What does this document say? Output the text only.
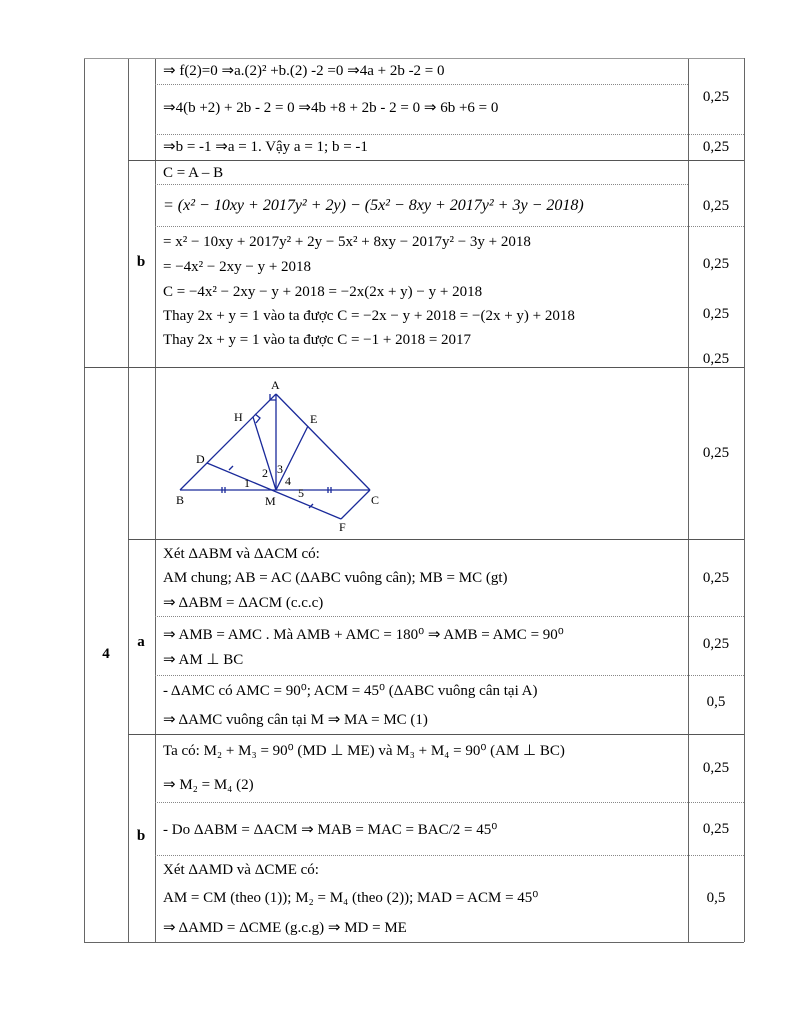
b
4
a
b
0,25
0,25
0,25
0,25
0,25
0,25
0,25
0,25
0,25
0,5
0,25
0,25
0,5
⇒ f(2)=0 ⇒a.(2)² +b.(2) -2 =0 ⇒4a + 2b -2 = 0
⇒4(b +2) + 2b - 2 = 0 ⇒4b +8 + 2b - 2 = 0 ⇒ 6b +6 = 0
⇒b = -1 ⇒a = 1. Vậy a = 1; b = -1
C = A – B
= (x² − 10xy + 2017y² + 2y) − (5x² − 8xy + 2017y² + 3y − 2018)
= x² − 10xy + 2017y² + 2y − 5x² + 8xy − 2017y² − 3y + 2018
= −4x² − 2xy − y + 2018
C = −4x² − 2xy − y + 2018 = −2x(2x + y) − y + 2018
Thay 2x + y = 1 vào ta được C = −2x − y + 2018 = −(2x + y) + 2018
Thay 2x + y = 1 vào ta được C = −1 + 2018 = 2017
A
B	C
D
E
F
H
M
1
2 3
4
5
Xét ΔABM và ΔACM có:
AM chung; AB = AC (ΔABC vuông cân); MB = MC (gt)
⇒ ΔABM = ΔACM (c.c.c)
⇒ AMB = AMC . Mà AMB + AMC = 180⁰ ⇒ AMB = AMC = 90⁰
⇒ AM ⊥ BC
- ΔAMC có AMC = 90⁰; ACM = 45⁰ (ΔABC vuông cân tại A)
⇒ ΔAMC vuông cân tại M ⇒ MA = MC (1)
Ta có: M₂ + M₃ = 90⁰ (MD ⊥ ME) và M₃ + M₄ = 90⁰ (AM ⊥ BC)
⇒ M₂ = M₄ (2)
- Do ΔABM = ΔACM ⇒ MAB = MAC = BAC/2 = 45⁰
Xét ΔAMD và ΔCME có:
AM = CM (theo (1)); M₂ = M₄ (theo (2)); MAD = ACM = 45⁰
⇒ ΔAMD = ΔCME (g.c.g) ⇒ MD = ME
